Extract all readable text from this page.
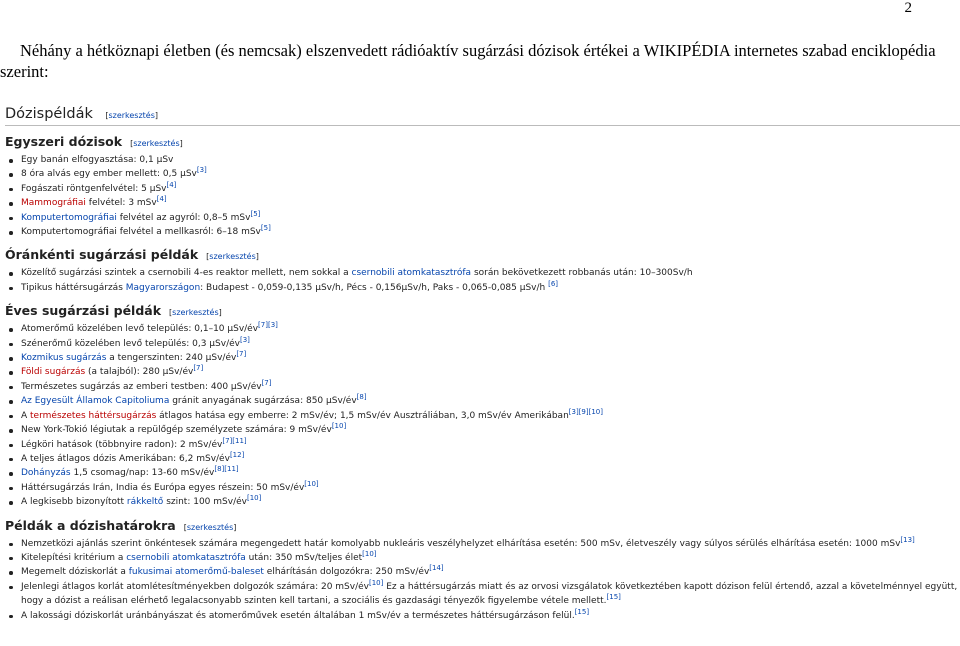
2
Néhány a hétköznapi életben (és nemcsak) elszenvedett rádióaktív sugárzási dózisok értékei a WIKIPÉDIA internetes szabad enciklopédia szerint:
Dózispéldák [szerkesztés]
Egyszeri dózisok [szerkesztés]
Egy banán elfogyasztása: 0,1 μSv
8 óra alvás egy ember mellett: 0,5 μSv[3]
Fogászati röntgenfelvétel: 5 μSv[4]
Mammográfiai felvétel: 3 mSv[4]
Komputertomográfiai felvétel az agyról: 0,8–5 mSv[5]
Komputertomográfiai felvétel a mellkasról: 6–18 mSv[5]
Óránkénti sugárzási példák [szerkesztés]
Közelítő sugárzási szintek a csernobili 4-es reaktor mellett, nem sokkal a csernobili atomkatasztrófa során bekövetkezett robbanás után: 10–300Sv/h
Tipikus háttérsugárzás Magyarországon: Budapest - 0,059-0,135 μSv/h, Pécs - 0,156μSv/h, Paks - 0,065-0,085 μSv/h [6]
Éves sugárzási példák [szerkesztés]
Atomerőmű közelében levő település: 0,1–10 μSv/év[7][3]
Szénerőmű közelében levő település: 0,3 μSv/év[3]
Kozmikus sugárzás a tengerszinten: 240 μSv/év[7]
Földi sugárzás (a talajból): 280 μSv/év[7]
Természetes sugárzás az emberi testben: 400 μSv/év[7]
Az Egyesült Államok Capitoliuma gránit anyagának sugárzása: 850 μSv/év[8]
A természetes háttérsugárzás átlagos hatása egy emberre: 2 mSv/év; 1,5 mSv/év Ausztráliában, 3,0 mSv/év Amerikában[3][9][10]
New York-Tokió légiutak a repülőgép személyzete számára: 9 mSv/év[10]
Légköri hatások (többnyire radon): 2 mSv/év[7][11]
A teljes átlagos dózis Amerikában: 6,2 mSv/év[12]
Dohányzás 1,5 csomag/nap: 13-60 mSv/év[8][11]
Háttérsugárzás Irán, India és Európa egyes részein: 50 mSv/év[10]
A legkisebb bizonyított rákkeltő szint: 100 mSv/év[10]
Példák a dózishatárokra [szerkesztés]
Nemzetközi ajánlás szerint önkéntesek számára megengedett határ komolyabb nukleáris veszélyhelyzet elhárítása esetén: 500 mSv, életveszély vagy súlyos sérülés elhárítása esetén: 1000 mSv[13]
Kitelepítési kritérium a csernobili atomkatasztrófa után: 350 mSv/teljes élet[10]
Megemelt dóziskorlát a fukusimai atomerőmű-baleset elhárításán dolgozókra: 250 mSv/év[14]
Jelenlegi átlagos korlát atomlétesítményekben dolgozók számára: 20 mSv/év[10] Ez a háttérsugárzás miatt és az orvosi vizsgálatok következtében kapott dózison felül értendő, azzal a követelménnyel együtt, hogy a dózist a reálisan elérhető legalacsonyabb szinten kell tartani, a szociális és gazdasági tényezők figyelembe vétele mellett.[15]
A lakossági dóziskorlát uránbányászat és atomerőművek esetén általában 1 mSv/év a természetes háttérsugárzáson felül.[15]
